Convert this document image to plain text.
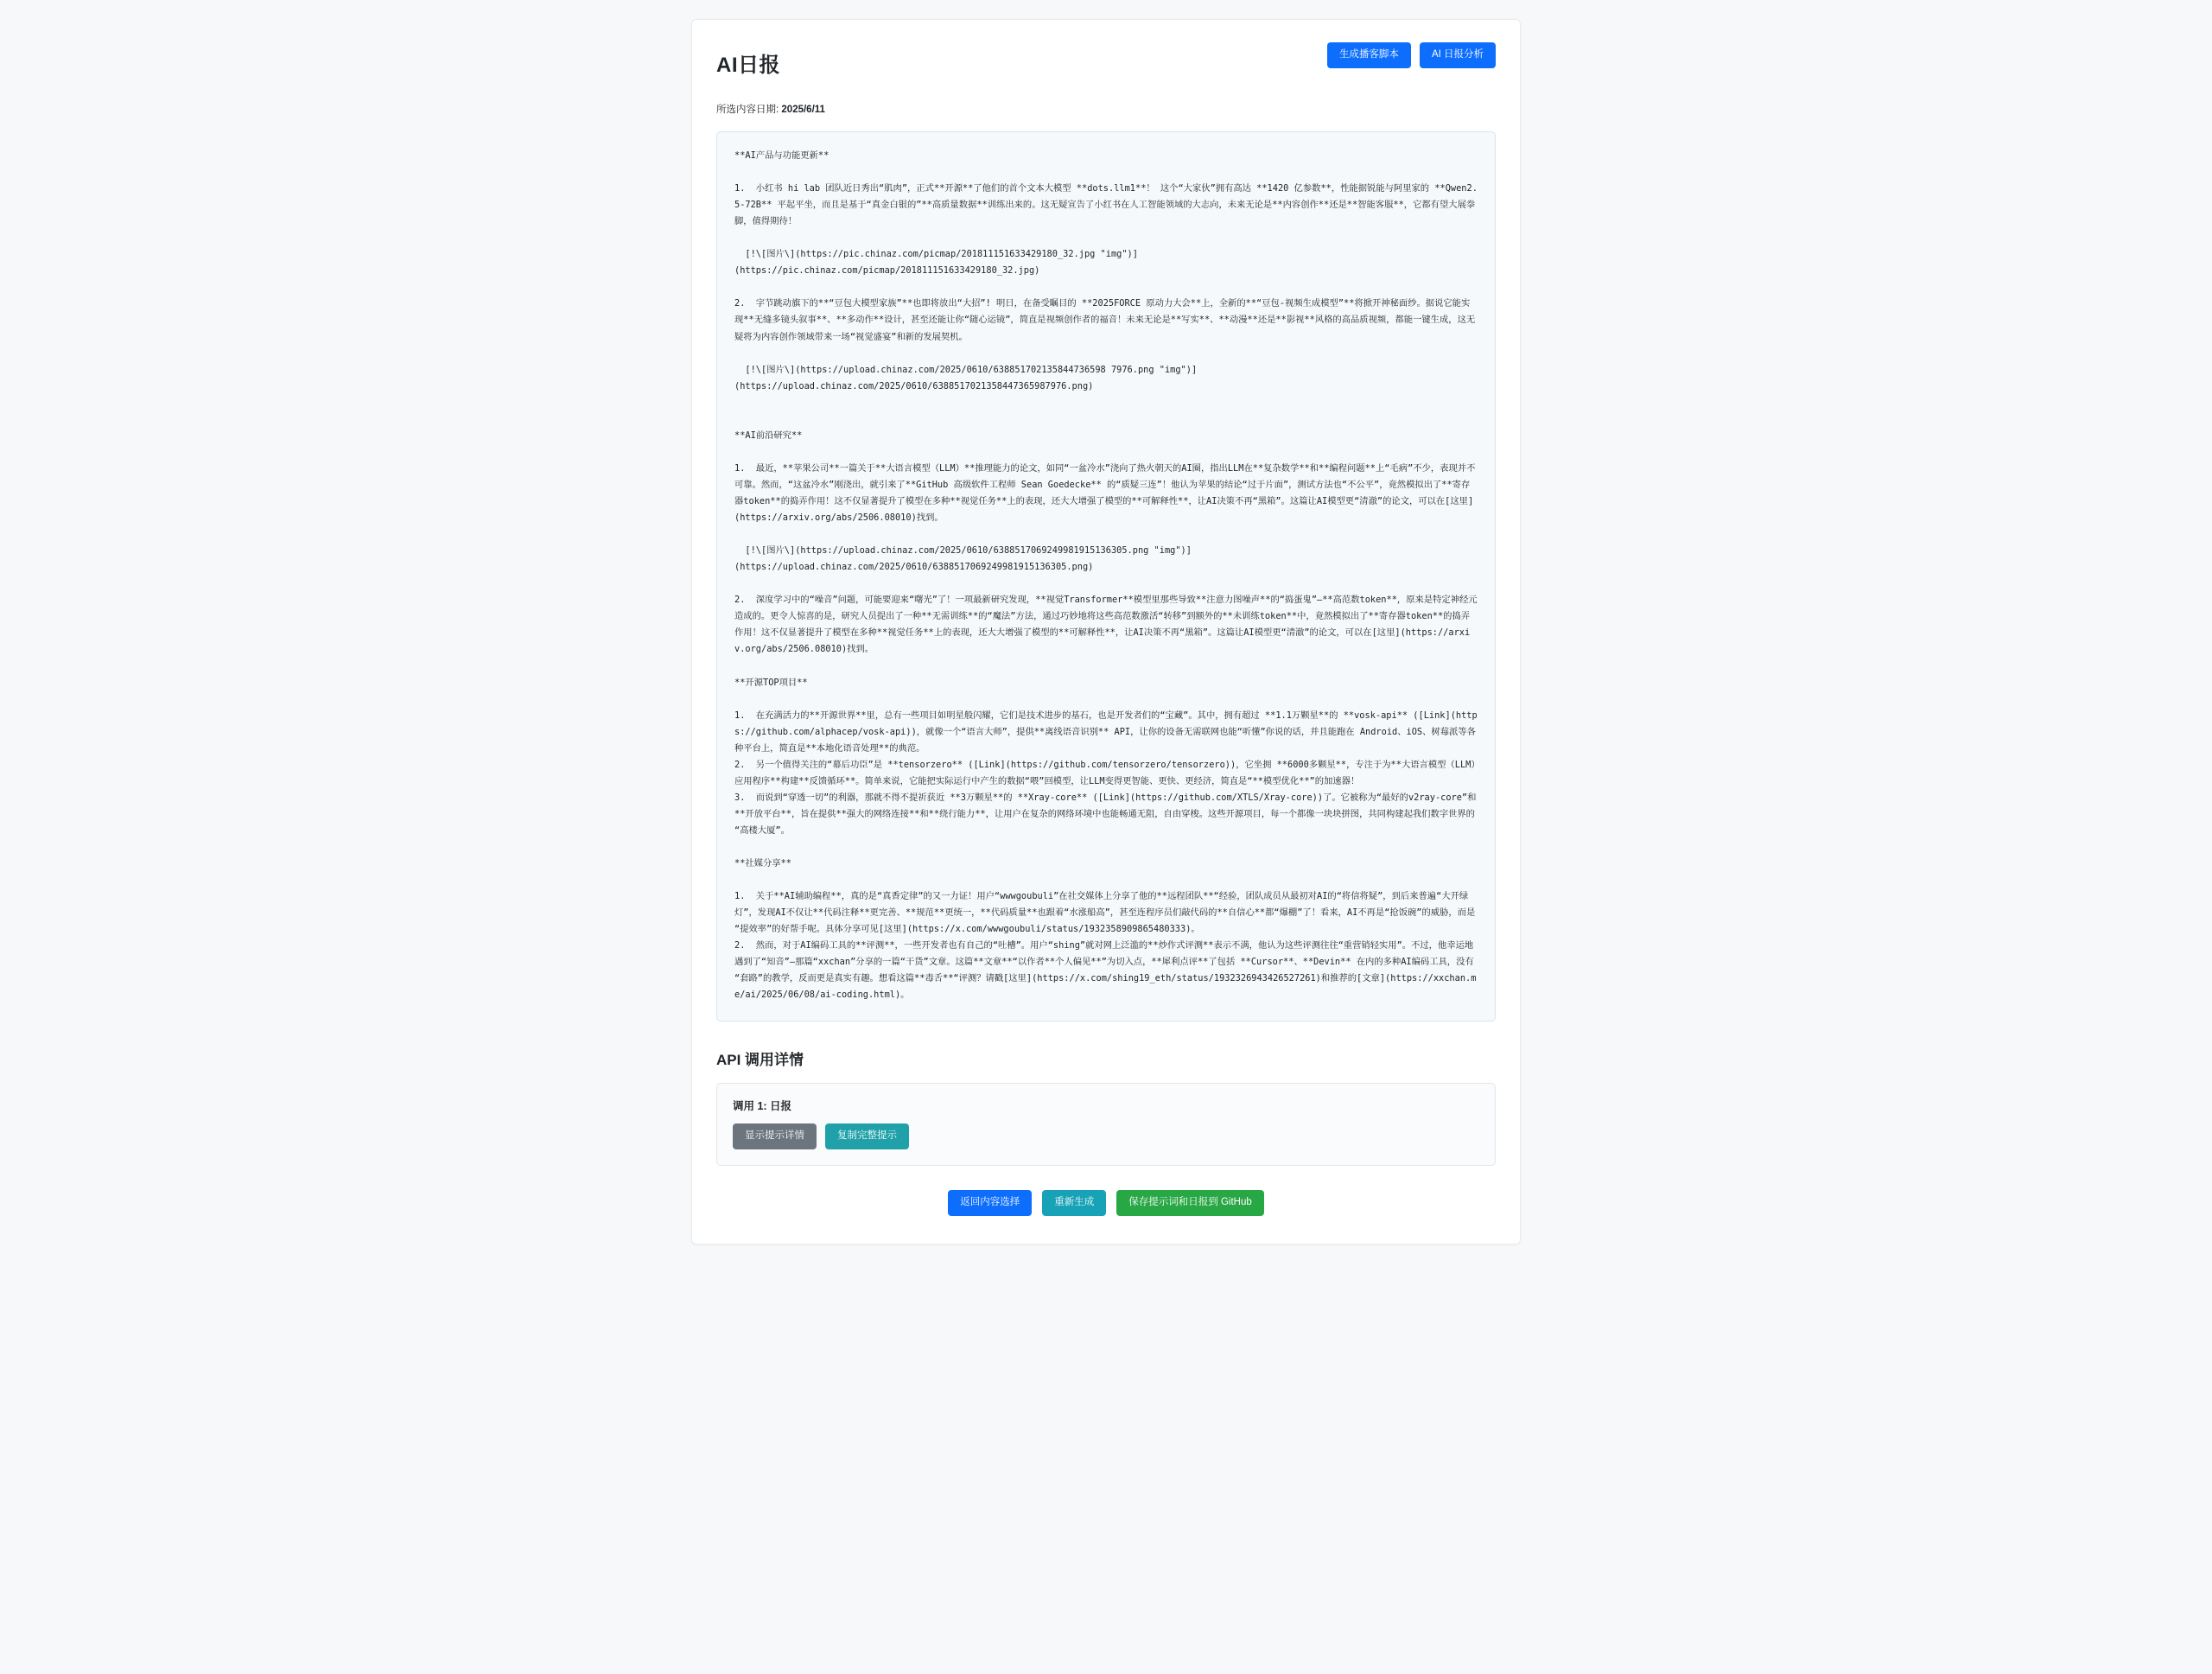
AI日报	生成播客脚本	AI 日报分析
所选内容日期: 2025/6/11
**AI产品与功能更新**

1.  小红书 hi lab 团队近日秀出“肌肉”，正式**开源**了他们的首个文本大模型 **dots.llm1**！ 这个“大家伙”拥有高达 **1420 亿参数**，性能据锐能与阿里家的 **Qwen2.5-72B** 平起平坐，而且是基于“真金白银的”**高质量数据**训练出来的。这无疑宣告了小红书在人工智能领域的大志向，未来无论是**内容创作**还是**智能客服**，它都有望大展拳脚，值得期待！

[!\[图片\](https://pic.chinaz.com/picmap/201811151633429180_32.jpg "img")]
(https://pic.chinaz.com/picmap/201811151633429180_32.jpg)

2.  字节跳动旗下的**“豆包大模型家族”**也即将放出“大招”! 明日，在备受瞩目的 **2025FORCE 原动力大会**上，全新的**“豆包-视频生成模型”**将掀开神秘面纱。据说它能实现**无缝多镜头叙事**、**多动作**设计，甚至还能让你“随心运镜”，简直是视频创作者的福音！未来无论是**写实**、**动漫**还是**影视**风格的高品质视频，都能一键生成，这无疑将为内容创作领域带来一场“视觉盛宴”和新的发展契机。

[!\[图片\](https://upload.chinaz.com/2025/0610/638851702135844736598 7976.png "img")]
(https://upload.chinaz.com/2025/0610/6388517021358447365987976.png)

**AI前沿研究**

1.  最近，**苹果公司**一篇关于**大语言模型（LLM）**推理能力的论文，如同“一盆冷水”浇向了热火朝天的AI圈，指出LLM在**复杂数学**和**编程问题**上“毛病”不少，表现并不可靠。然而，“这盆冷水”刚浇出，就引来了**GitHub 高级软件工程师 Sean Goedecke** 的“质疑三连”！他认为苹果的结论“过于片面”，测试方法也“不公平”，竟然模拟出了**寄存器token**的捣弄作用！这不仅显著提升了模型在多种**视觉任务**上的表现，还大大增强了模型的**可解释性**，让AI决策不再“黑箱”。这篇让AI模型更“清澈”的论文，可以在[这里](https://arxiv.org/abs/2506.08010)找到。

[!\[图片\](https://upload.chinaz.com/2025/0610/6388517069249981915136305.png "img")]
(https://upload.chinaz.com/2025/0610/6388517069249981915136305.png)

2.  深度学习中的“噪音”问题，可能要迎来“曙光”了！一项最新研究发现，**视觉Transformer**模型里那些导致**注意力图噪声**的“捣蛋鬼”—**高范数token**，原来是特定神经元造成的。更令人惊喜的是，研究人员提出了一种**无需训练**的“魔法”方法，通过巧妙地将这些高范数激活“转移”到额外的**未训练token**中，竟然模拟出了**寄存器token**的捣弄作用！这不仅显著提升了模型在多种**视觉任务**上的表现，还大大增强了模型的**可解释性**，让AI决策不再“黑箱”。这篇让AI模型更“清澈”的论文，可以在[这里](https://arxiv.org/abs/2506.08010)找到。

**开源TOP项目**

1.  在充满活力的**开源世界**里，总有一些项目如明星般闪耀，它们是技术进步的基石，也是开发者们的“宝藏”。其中，拥有超过 **1.1万颗星**的 **vosk-api** ([Link](https://github.com/alphacep/vosk-api))，就像一个“语言大师”，提供**离线语音识别** API，让你的设备无需联网也能“听懂”你说的话，并且能跑在 Android、iOS、树莓派等各种平台上，简直是**本地化语音处理**的典范。
2.  另一个值得关注的“幕后功臣”是 **tensorzero** ([Link](https://github.com/tensorzero/tensorzero))，它坐拥 **6000多颗星**，专注于为**大语言模型（LLM）应用程序**构建**反馈循环**。简单来说，它能把实际运行中产生的数据“喂”回模型，让LLM变得更智能、更快、更经济，简直是“**模型优化**”的加速器！
3.  而说到“穿透一切”的利器，那就不得不提祈获近 **3万颗星**的 **Xray-core** ([Link](https://github.com/XTLS/Xray-core))了。它被称为“最好的v2ray-core”和**开放平台**，旨在提供**强大的网络连接**和**绕行能力**，让用户在复杂的网络环境中也能畅通无阻，自由穿梭。这些开源项目，每一个都像一块块拼图，共同构建起我们数字世界的“高楼大厦”。

**社媒分享**

1.  关于**AI辅助编程**，真的是“真香定律”的又一力证！用户“wwwgoubuli”在社交媒体上分享了他的**远程团队**“经验，团队成员从最初对AI的“将信将疑”，到后来普遍“大开绿灯”，发现AI不仅让**代码注释**更完善、**规范**更统一，**代码质量**也跟着“水涨船高”，甚至连程序员们敲代码的**自信心**都“爆棚”了！看来，AI不再是“抢饭碗”的威胁，而是“提效率”的好帮手呢。具体分享可见[这里](https://x.com/wwwgoubuli/status/1932358909865480333)。
2.  然而，对于AI编码工具的**评测**，一些开发者也有自己的“吐槽”。用户“shing”就对网上泛滥的**炒作式评测**表示不满，他认为这些评测往往“重营销轻实用”。不过，他幸运地遇到了“知音”—那篇“xxchan”分享的一篇“干货”文章。这篇**文章**“以作者**个人偏见**”为切入点，**犀利点评**了包括 **Cursor**、**Devin** 在内的多种AI编码工具，没有“套路”的教学，反而更是真实有趣。想看这篇**毒舌**“评测？请戳[这里](https://x.com/shing19_eth/status/1932326943426527261)和推荐的[文章](https://xxchan.me/ai/2025/06/08/ai-coding.html)。
API 调用详情
调用 1: 日报
显示提示详情	复制完整提示
返回内容选择	重新生成	保存提示词和日报到 GitHub
